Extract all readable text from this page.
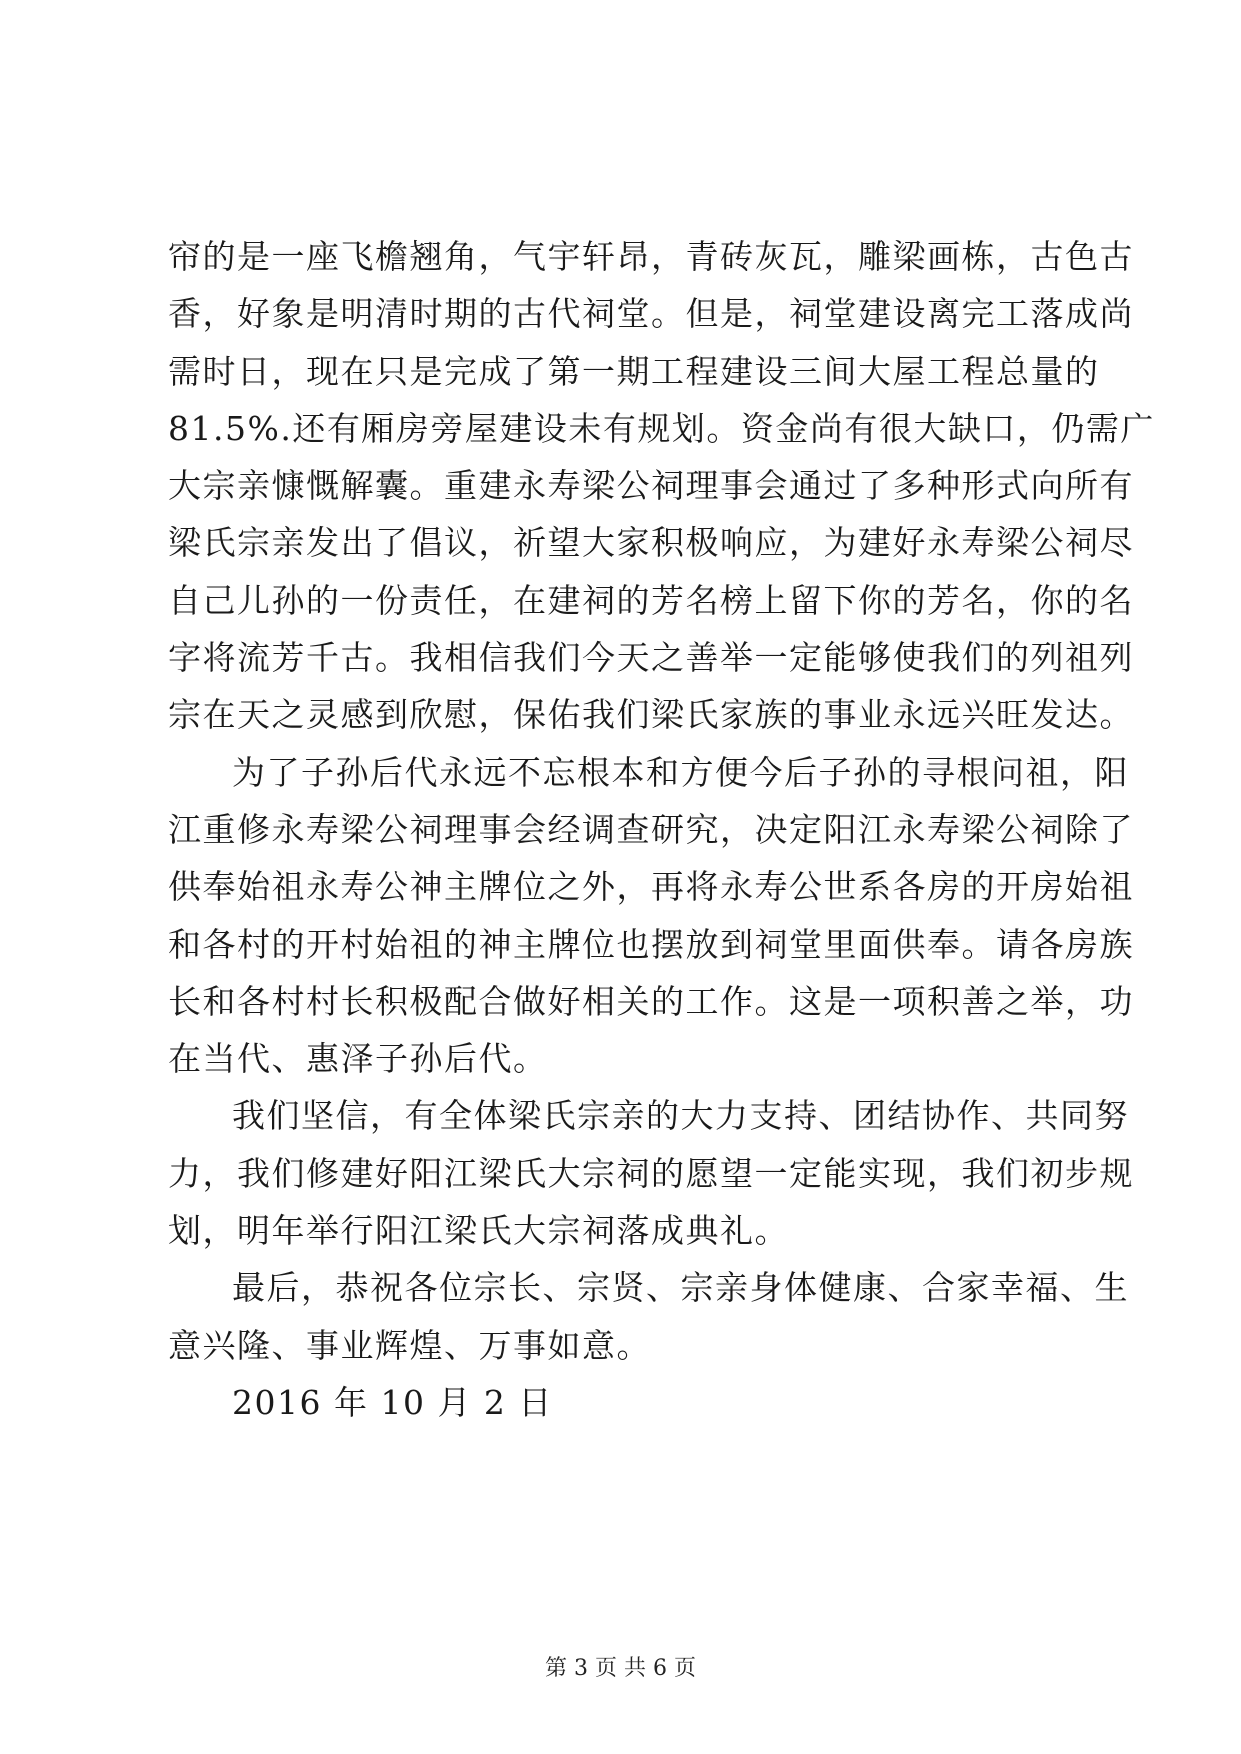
帘的是一座飞檐翘角，气宇轩昂，青砖灰瓦，雕梁画栋，古色古
香，好象是明清时期的古代祠堂。但是，祠堂建设离完工落成尚
需时日，现在只是完成了第一期工程建设三间大屋工程总量的
81.5%.还有厢房旁屋建设未有规划。资金尚有很大缺口，仍需广
大宗亲慷慨解囊。重建永寿梁公祠理事会通过了多种形式向所有
梁氏宗亲发出了倡议，祈望大家积极响应，为建好永寿梁公祠尽
自己儿孙的一份责任，在建祠的芳名榜上留下你的芳名，你的名
字将流芳千古。我相信我们今天之善举一定能够使我们的列祖列
宗在天之灵感到欣慰，保佑我们梁氏家族的事业永远兴旺发达。
为了子孙后代永远不忘根本和方便今后子孙的寻根问祖，阳
江重修永寿梁公祠理事会经调查研究，决定阳江永寿梁公祠除了
供奉始祖永寿公神主牌位之外，再将永寿公世系各房的开房始祖
和各村的开村始祖的神主牌位也摆放到祠堂里面供奉。请各房族
长和各村村长积极配合做好相关的工作。这是一项积善之举，功
在当代、惠泽子孙后代。
我们坚信，有全体梁氏宗亲的大力支持、团结协作、共同努
力，我们修建好阳江梁氏大宗祠的愿望一定能实现，我们初步规
划，明年举行阳江梁氏大宗祠落成典礼。
最后，恭祝各位宗长、宗贤、宗亲身体健康、合家幸福、生
意兴隆、事业辉煌、万事如意。
2016 年 10 月 2 日
第 3 页 共 6 页
